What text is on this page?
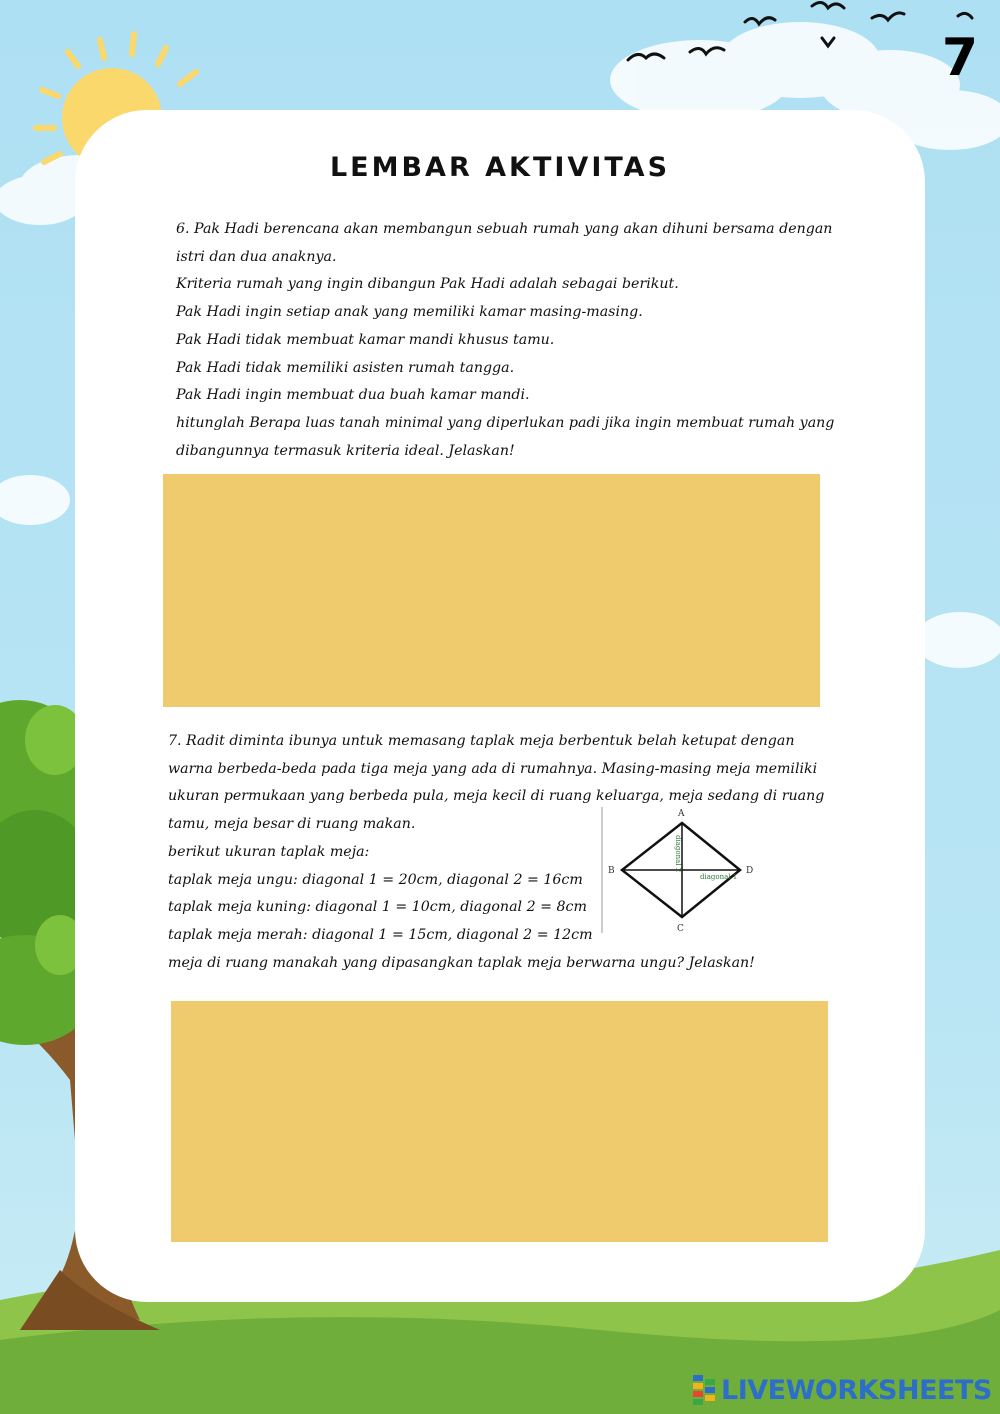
7
LEMBAR AKTIVITAS
6. Pak Hadi berencana akan membangun sebuah rumah yang akan dihuni bersama dengan
istri dan dua anaknya.
Kriteria rumah yang ingin dibangun Pak Hadi adalah sebagai berikut.
Pak Hadi ingin setiap anak yang memiliki kamar masing-masing.
Pak Hadi tidak membuat kamar mandi khusus tamu.
Pak Hadi tidak memiliki asisten rumah tangga.
Pak Hadi ingin membuat dua buah kamar mandi.
hitunglah Berapa luas tanah minimal yang diperlukan padi jika ingin membuat rumah yang
dibangunnya termasuk kriteria ideal. Jelaskan!
7. Radit diminta ibunya untuk memasang taplak meja berbentuk belah ketupat dengan
warna berbeda-beda pada tiga meja yang ada di rumahnya. Masing-masing meja memiliki
ukuran permukaan yang berbeda pula, meja kecil di ruang keluarga, meja sedang di ruang
tamu, meja besar di ruang makan.
berikut ukuran taplak meja:
taplak meja ungu: diagonal 1 = 20cm, diagonal 2 = 16cm
taplak meja kuning: diagonal 1 = 10cm, diagonal 2 = 8cm
taplak meja merah: diagonal 1 = 15cm, diagonal 2 = 12cm
meja di ruang manakah yang dipasangkan taplak meja berwarna ungu? Jelaskan!
A
B
C
D
diagonal 1
diagonal 2
LIVEWORKSHEETS
